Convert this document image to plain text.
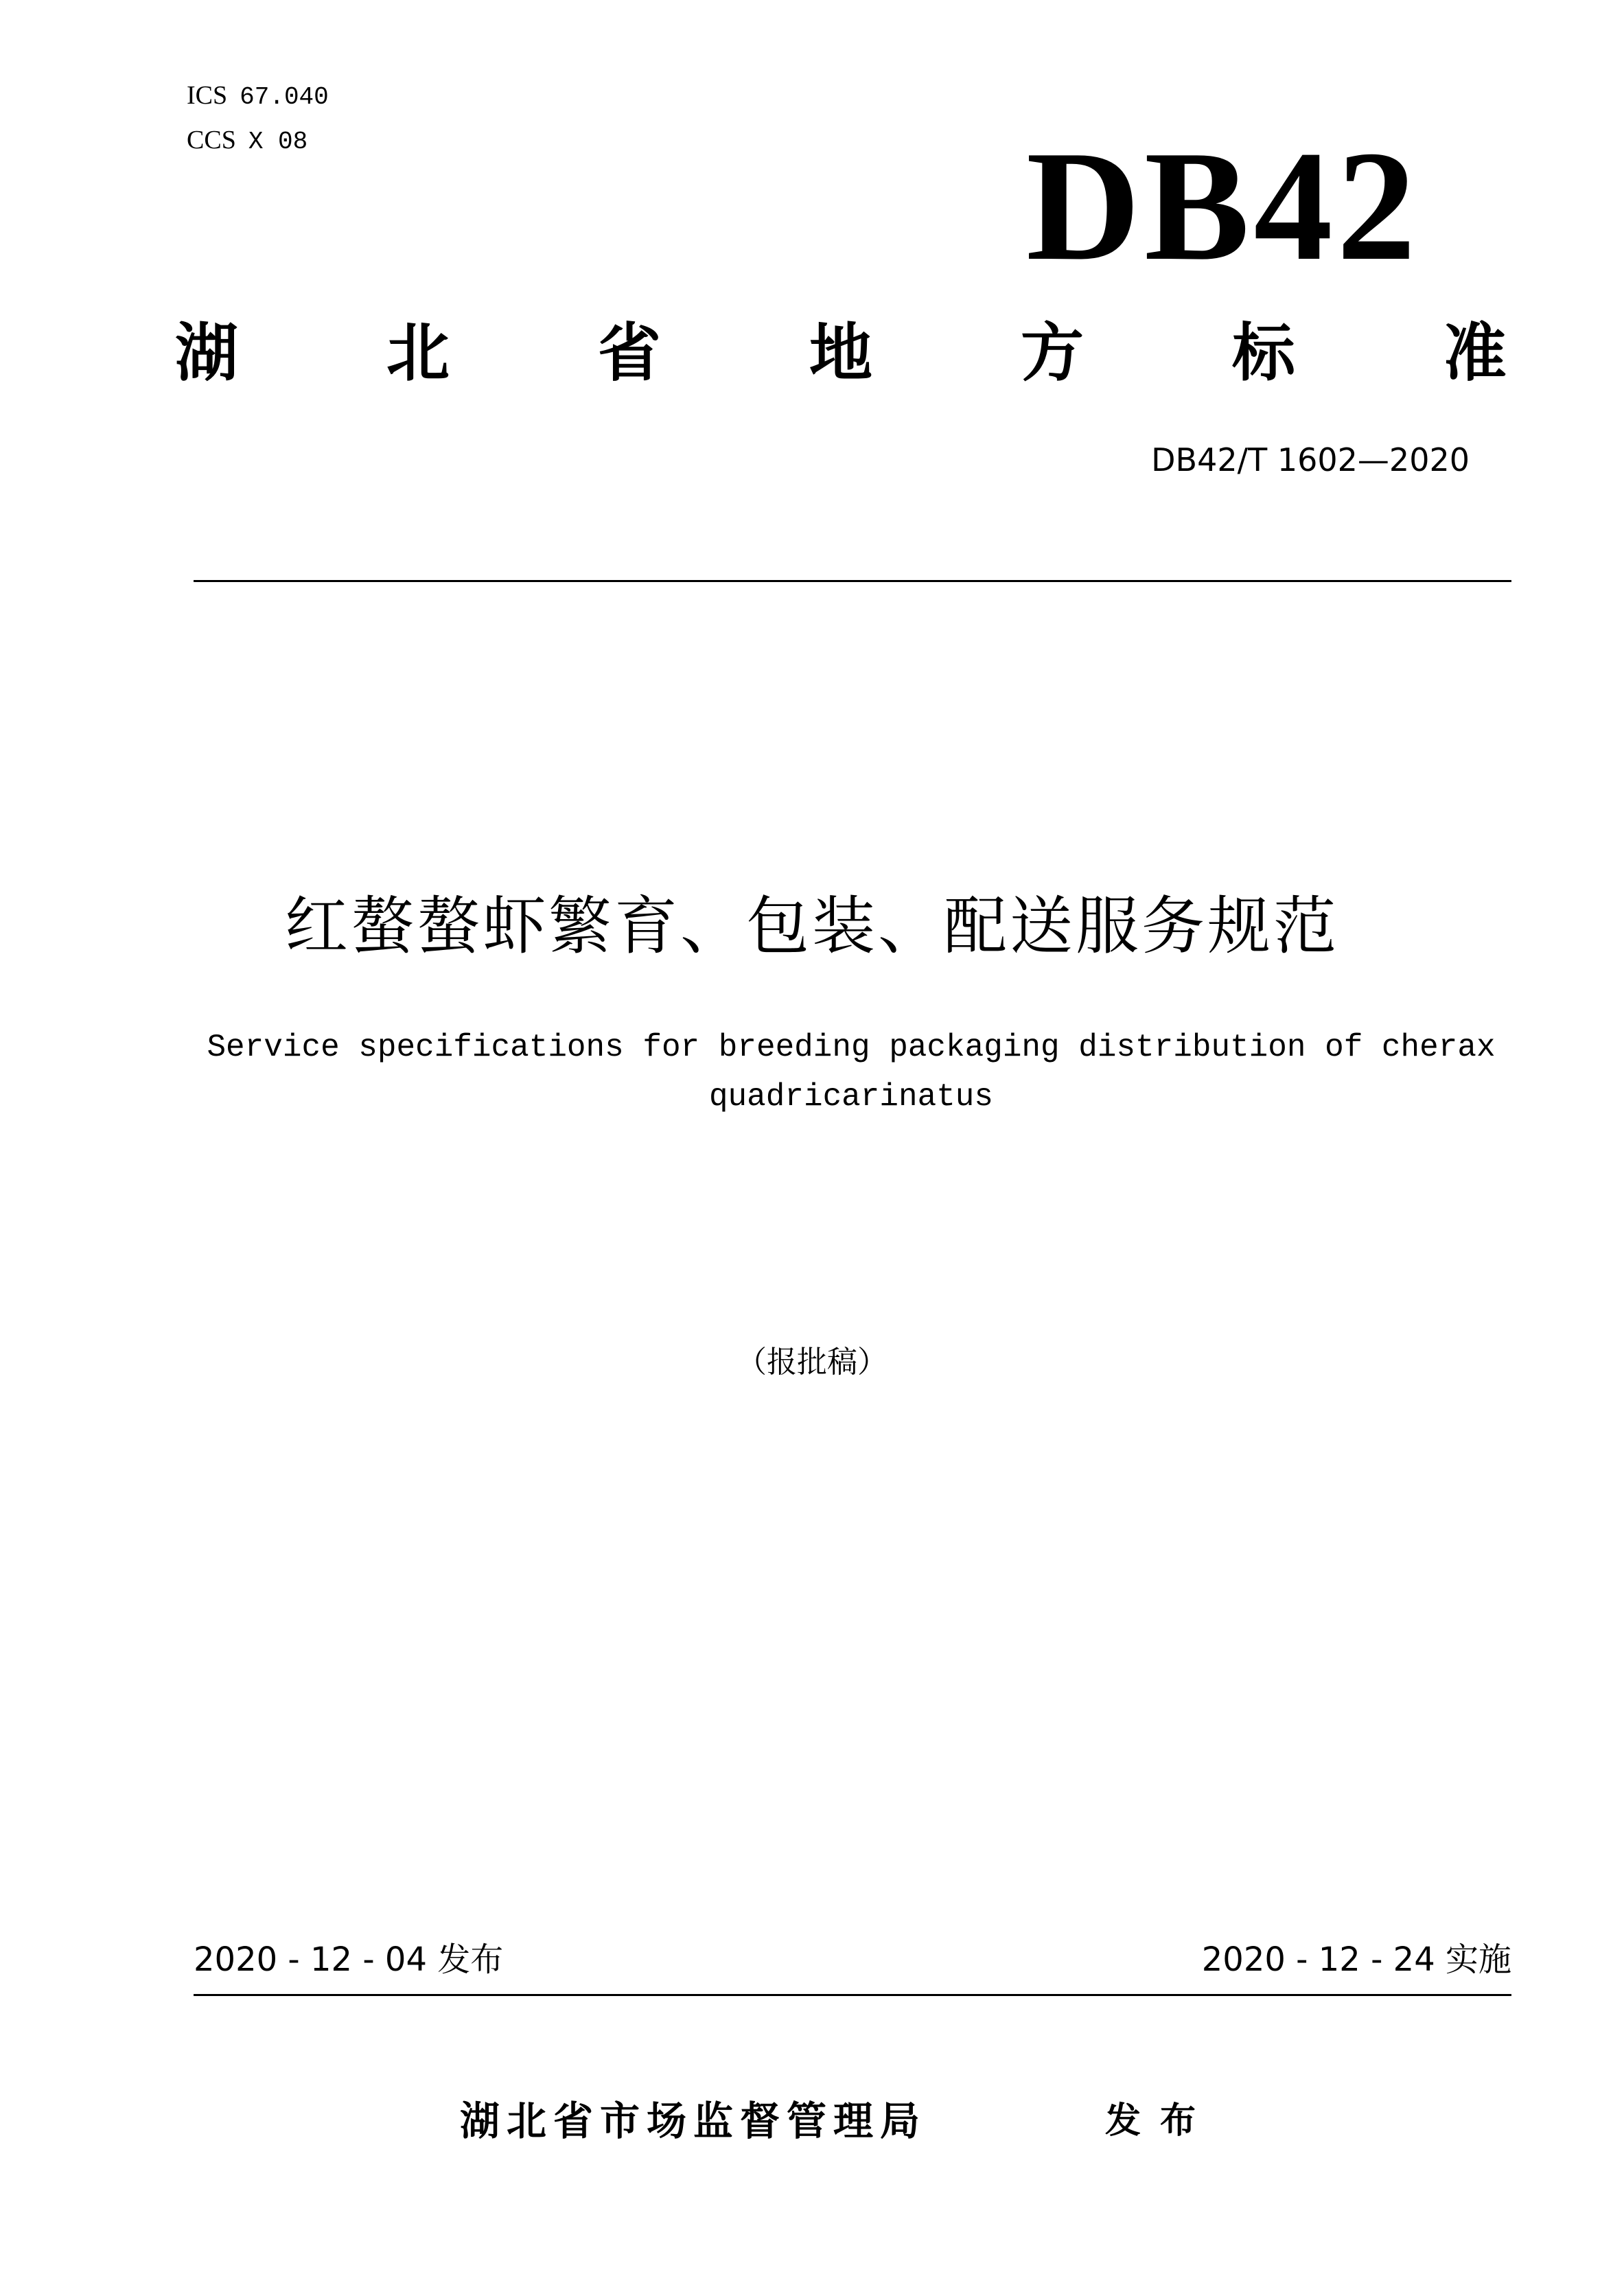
ICS 67.040
CCS X 08	DB42
湖 北 省 地 方 标 准
DB42/T 1602—2020
红螯螯虾繁育、包装、配送服务规范
Service specifications for breeding packaging distribution of cherax
quadricarinatus
（报批稿）
2020 - 12 - 04 发布	2020 - 12 - 24 实施
湖北省市场监督管理局	发布
